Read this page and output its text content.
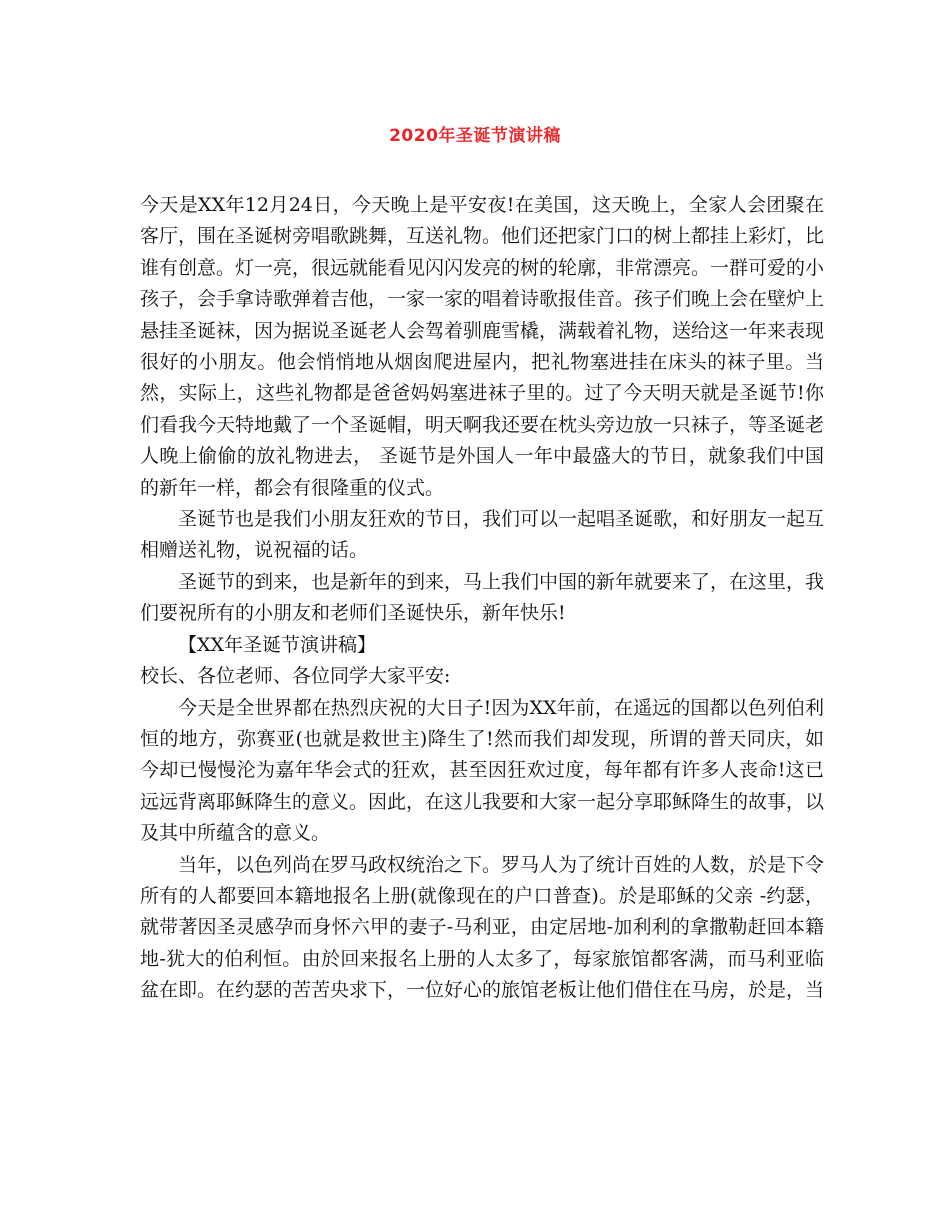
2020年圣诞节演讲稿

今天是XX年12月24日，今天晚上是平安夜!在美国，这天晚上，全家人会团聚在客厅，围在圣诞树旁唱歌跳舞，互送礼物。他们还把家门口的树上都挂上彩灯，比谁有创意。灯一亮，很远就能看见闪闪发亮的树的轮廓，非常漂亮。一群可爱的小孩子，会手拿诗歌弹着吉他，一家一家的唱着诗歌报佳音。孩子们晚上会在壁炉上悬挂圣诞袜，因为据说圣诞老人会驾着驯鹿雪橇，满载着礼物，送给这一年来表现很好的小朋友。他会悄悄地从烟囱爬进屋内，把礼物塞进挂在床头的袜子里。当然，实际上，这些礼物都是爸爸妈妈塞进袜子里的。过了今天明天就是圣诞节!你们看我今天特地戴了一个圣诞帽，明天啊我还要在枕头旁边放一只袜子，等圣诞老人晚上偷偷的放礼物进去， 圣诞节是外国人一年中最盛大的节日，就象我们中国的新年一样，都会有很隆重的仪式。

圣诞节也是我们小朋友狂欢的节日，我们可以一起唱圣诞歌，和好朋友一起互相赠送礼物，说祝福的话。

圣诞节的到来，也是新年的到来，马上我们中国的新年就要来了，在这里，我们要祝所有的小朋友和老师们圣诞快乐，新年快乐!

【XX年圣诞节演讲稿】

校长、各位老师、各位同学大家平安:

今天是全世界都在热烈庆祝的大日子!因为XX年前，在遥远的国都以色列伯利恒的地方，弥赛亚(也就是救世主)降生了!然而我们却发现，所谓的普天同庆，如今却已慢慢沦为嘉年华会式的狂欢，甚至因狂欢过度，每年都有许多人丧命!这已远远背离耶稣降生的意义。因此，在这儿我要和大家一起分享耶稣降生的故事，以及其中所蕴含的意义。

当年，以色列尚在罗马政权统治之下。罗马人为了统计百姓的人数，於是下令所有的人都要回本籍地报名上册(就像现在的户口普查)。於是耶稣的父亲 -约瑟，就带著因圣灵感孕而身怀六甲的妻子-马利亚，由定居地-加利利的拿撒勒赶回本籍地-犹大的伯利恒。由於回来报名上册的人太多了，每家旅馆都客满，而马利亚临盆在即。在约瑟的苦苦央求下，一位好心的旅馆老板让他们借住在马房，於是，当
